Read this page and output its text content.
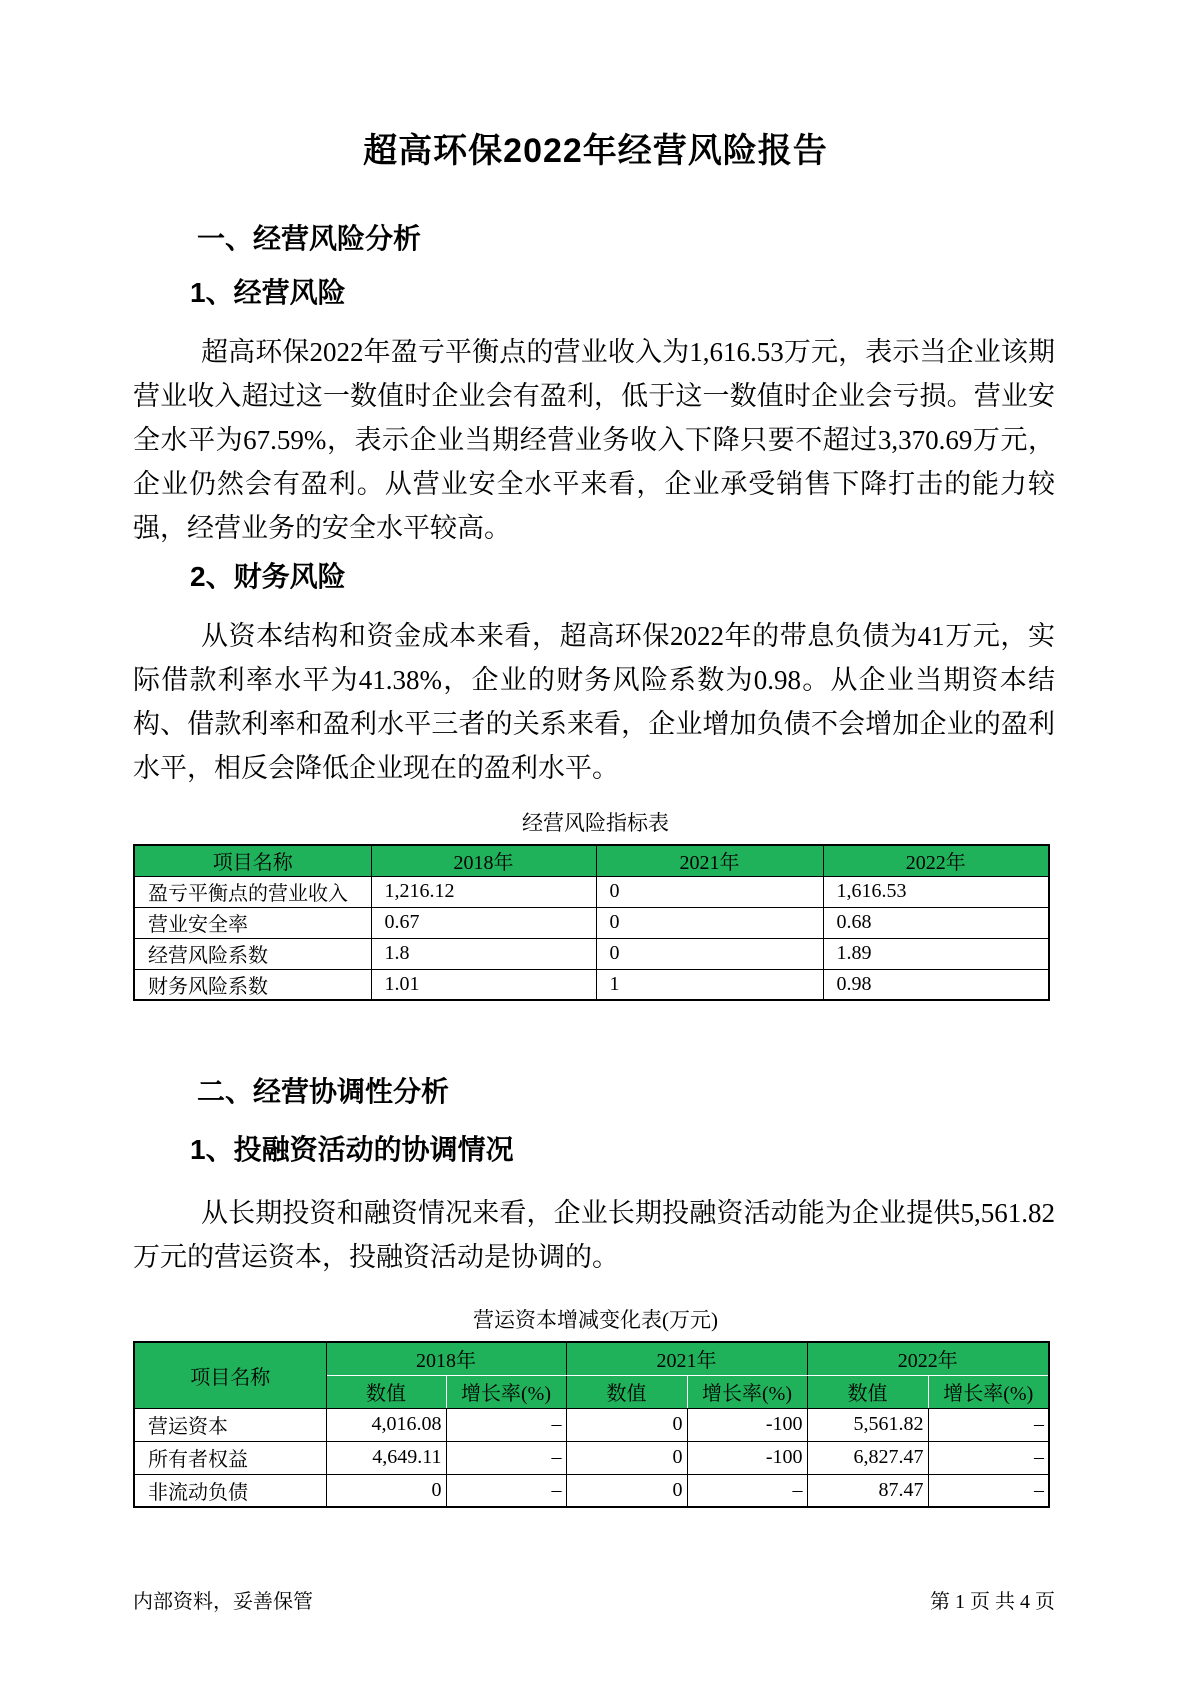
超高环保2022年经营风险报告
一、经营风险分析
1、经营风险

超高环保2022年盈亏平衡点的营业收入为1,616.53万元，表示当企业该期营业收入超过这一数值时企业会有盈利，低于这一数值时企业会亏损。营业安全水平为67.59%，表示企业当期经营业务收入下降只要不超过3,370.69万元，企业仍然会有盈利。从营业安全水平来看，企业承受销售下降打击的能力较强，经营业务的安全水平较高。

2、财务风险

从资本结构和资金成本来看，超高环保2022年的带息负债为41万元，实际借款利率水平为41.38%，企业的财务风险系数为0.98。从企业当期资本结构、借款利率和盈利水平三者的关系来看，企业增加负债不会增加企业的盈利水平，相反会降低企业现在的盈利水平。

经营风险指标表
项目名称	2018年	2021年	2022年
盈亏平衡点的营业收入	1,216.12	0	1,616.53
营业安全率	0.67	0	0.68
经营风险系数	1.8	0	1.89
财务风险系数	1.01	1	0.98
二、经营协调性分析
1、投融资活动的协调情况

从长期投资和融资情况来看，企业长期投融资活动能为企业提供5,561.82万元的营运资本，投融资活动是协调的。

营运资本增减变化表(万元)
项目名称	2018年		2021年		2022年	
	数值	增长率(%)	数值	增长率(%)	数值	增长率(%)
营运资本	4,016.08	–	0	-100	5,561.82	–
所有者权益	4,649.11	–	0	-100	6,827.47	–
非流动负债	0	–	0	–	87.47	–
内部资料，妥善保管	第 1 页 共 4 页
